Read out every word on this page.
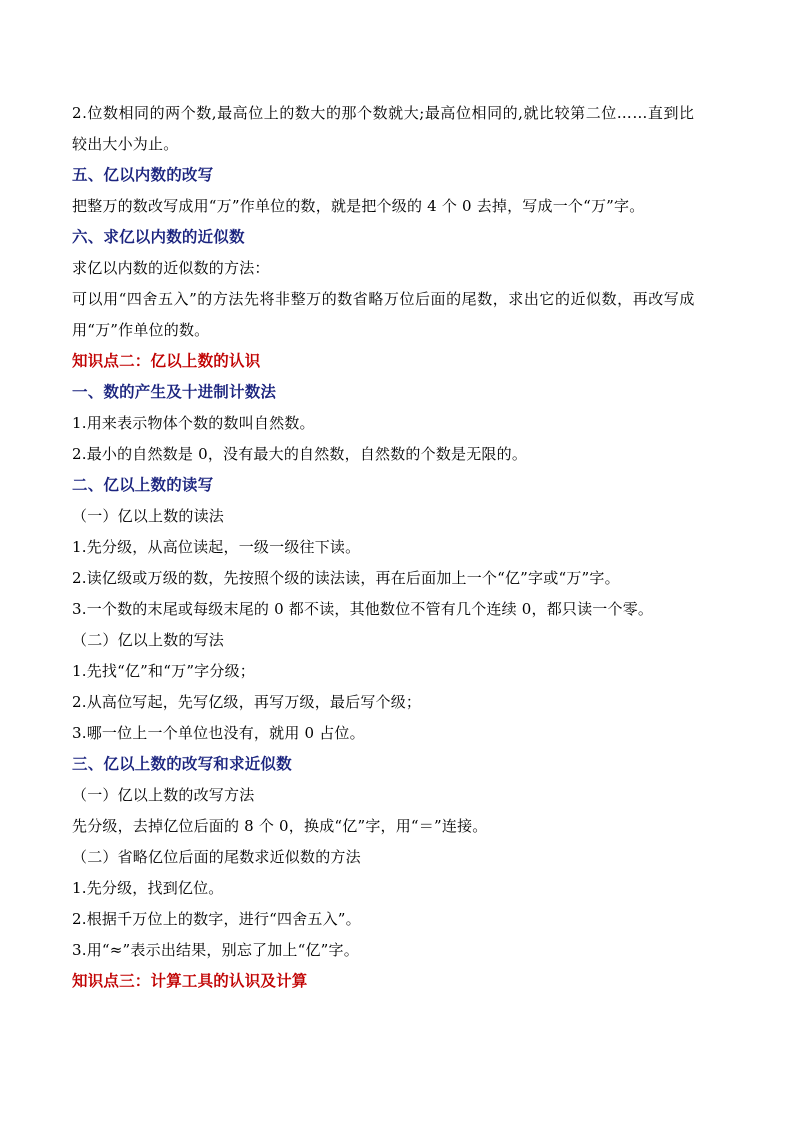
2.位数相同的两个数,最高位上的数大的那个数就大;最高位相同的,就比较第二位……直到比
较出大小为止。
五、亿以内数的改写
把整万的数改写成用“万”作单位的数，就是把个级的 4 个 0 去掉，写成一个“万”字。
六、求亿以内数的近似数
求亿以内数的近似数的方法：
可以用“四舍五入”的方法先将非整万的数省略万位后面的尾数，求出它的近似数，再改写成
用“万”作单位的数。
知识点二：亿以上数的认识
一、数的产生及十进制计数法
1.用来表示物体个数的数叫自然数。
2.最小的自然数是 0，没有最大的自然数，自然数的个数是无限的。
二、亿以上数的读写
（一）亿以上数的读法
1.先分级，从高位读起，一级一级往下读。
2.读亿级或万级的数，先按照个级的读法读，再在后面加上一个“亿”字或“万”字。
3.一个数的末尾或每级末尾的 0 都不读，其他数位不管有几个连续 0，都只读一个零。
（二）亿以上数的写法
1.先找“亿”和“万”字分级；
2.从高位写起，先写亿级，再写万级，最后写个级；
3.哪一位上一个单位也没有，就用 0 占位。
三、亿以上数的改写和求近似数
（一）亿以上数的改写方法
先分级，去掉亿位后面的 8 个 0，换成“亿”字，用“＝”连接。
（二）省略亿位后面的尾数求近似数的方法
1.先分级，找到亿位。
2.根据千万位上的数字，进行“四舍五入”。
3.用“≈”表示出结果，别忘了加上“亿”字。
知识点三：计算工具的认识及计算
